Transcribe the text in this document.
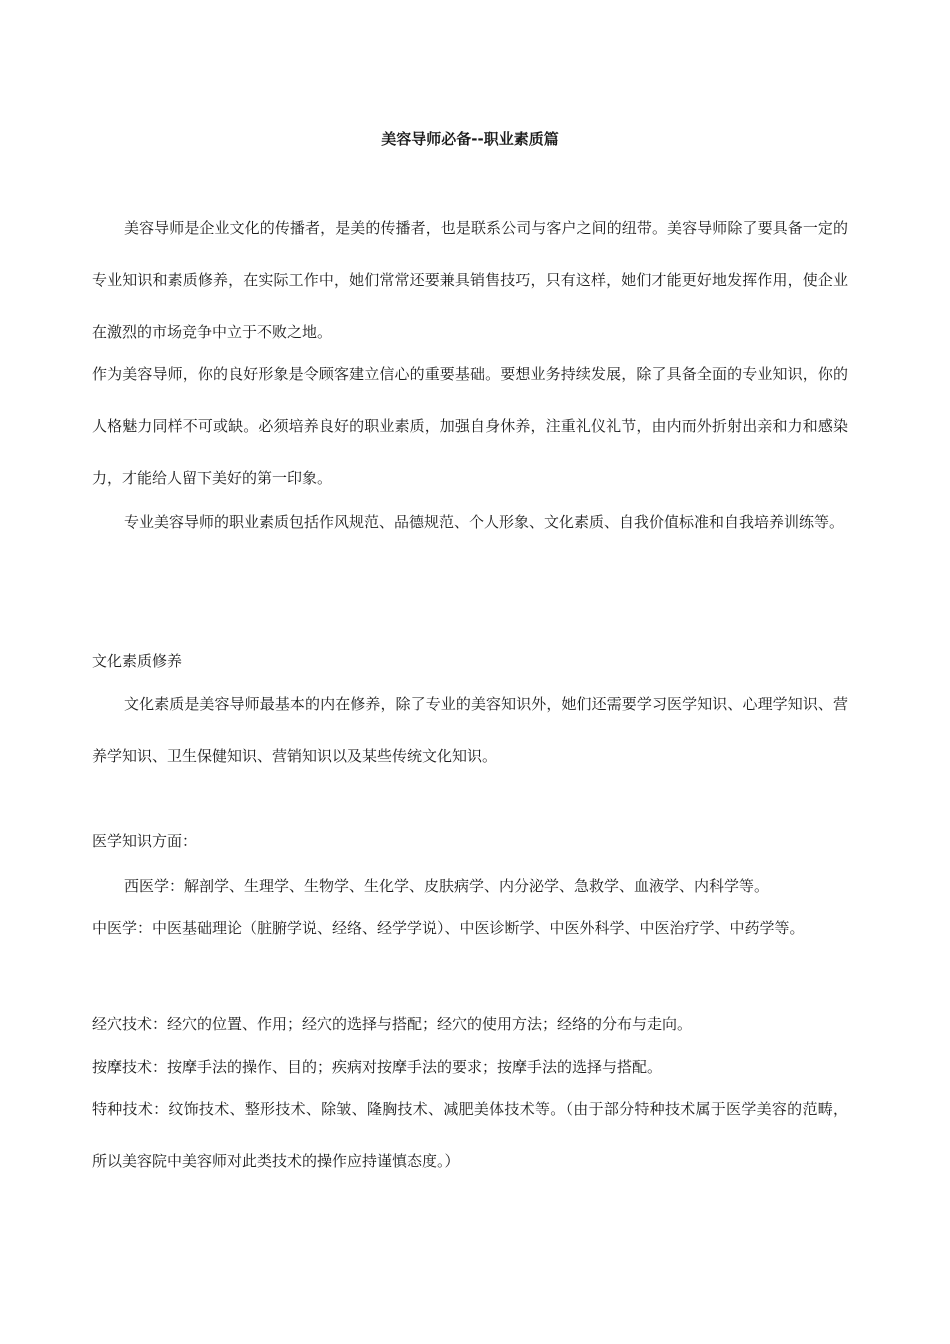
美容导师必备--职业素质篇

美容导师是企业文化的传播者，是美的传播者，也是联系公司与客户之间的纽带。美容导师除了要具备一定的专业知识和素质修养，在实际工作中，她们常常还要兼具销售技巧，只有这样，她们才能更好地发挥作用，使企业在激烈的市场竞争中立于不败之地。

作为美容导师，你的良好形象是令顾客建立信心的重要基础。要想业务持续发展，除了具备全面的专业知识，你的人格魅力同样不可或缺。必须培养良好的职业素质，加强自身休养，注重礼仪礼节，由内而外折射出亲和力和感染力，才能给人留下美好的第一印象。

专业美容导师的职业素质包括作风规范、品德规范、个人形象、文化素质、自我价值标准和自我培养训练等。

文化素质修养

文化素质是美容导师最基本的内在修养，除了专业的美容知识外，她们还需要学习医学知识、心理学知识、营养学知识、卫生保健知识、营销知识以及某些传统文化知识。

医学知识方面：

西医学：解剖学、生理学、生物学、生化学、皮肤病学、内分泌学、急救学、血液学、内科学等。

中医学：中医基础理论（脏腑学说、经络、经学学说）、中医诊断学、中医外科学、中医治疗学、中药学等。

经穴技术：经穴的位置、作用；经穴的选择与搭配；经穴的使用方法；经络的分布与走向。

按摩技术：按摩手法的操作、目的；疾病对按摩手法的要求；按摩手法的选择与搭配。

特种技术：纹饰技术、整形技术、除皱、隆胸技术、减肥美体技术等。（由于部分特种技术属于医学美容的范畴，所以美容院中美容师对此类技术的操作应持谨慎态度。）
